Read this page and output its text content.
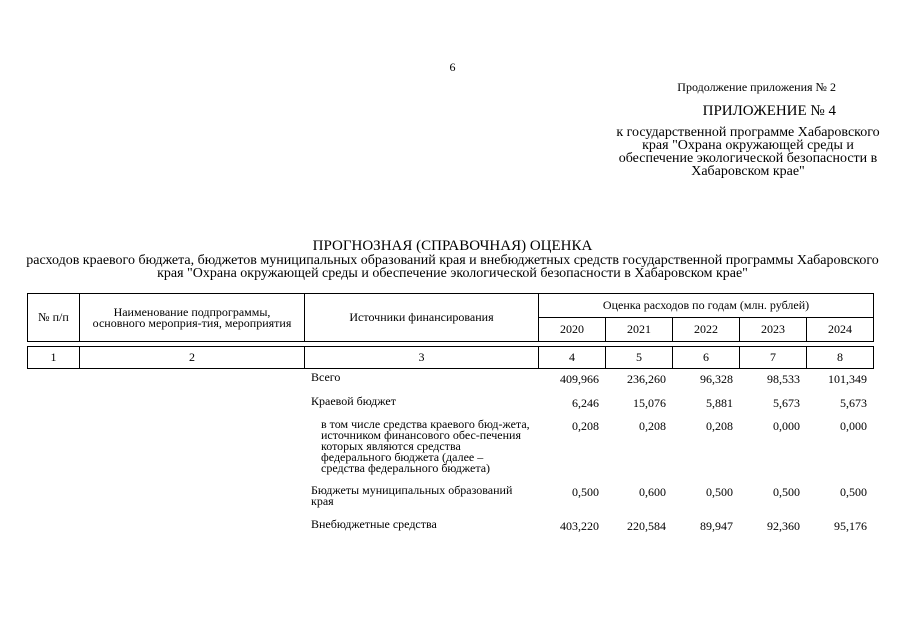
6
Продолжение приложения № 2
ПРИЛОЖЕНИЕ № 4
к государственной программе Хабаровского края "Охрана окружающей среды и обеспечение экологической безопасности в Хабаровском крае"
ПРОГНОЗНАЯ (СПРАВОЧНАЯ) ОЦЕНКА
расходов краевого бюджета, бюджетов муниципальных образований края и внебюджетных средств государственной программы Хабаровского края "Охрана окружающей среды и обеспечение экологической безопасности в Хабаровском крае"
№ п/п	Наименование подпрограммы, основного мероприя-тия, мероприятия	Источники финансирования	Оценка расходов по годам (млн. рублей)				
			2020	2021	2022	2023	2024

1	2	3	4	5	6	7	8
		Всего	409,966	236,260	96,328	98,533	101,349
		Краевой бюджет	6,246	15,076	5,881	5,673	5,673
		в том числе средства краевого бюд-жета, источником финансового обес-печения которых являются средства федерального бюджета (далее – средства федерального бюджета)	0,208	0,208	0,208	0,000	0,000
		Бюджеты муниципальных образований края	0,500	0,600	0,500	0,500	0,500
		Внебюджетные средства	403,220	220,584	89,947	92,360	95,176
